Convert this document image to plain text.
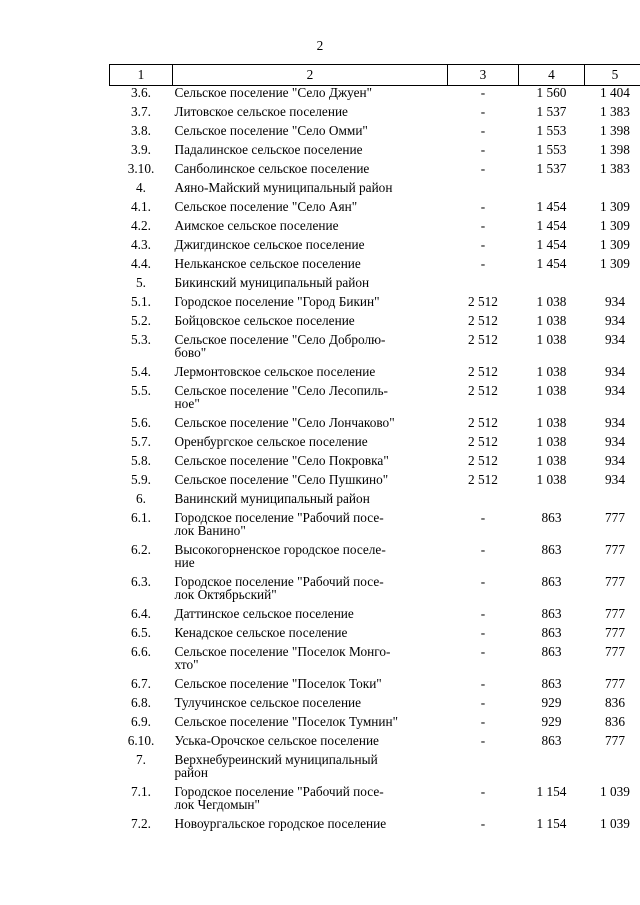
2
1	2	3	4	5
3.6.	Сельское поселение "Село Джуен"	-	1 560	1 404
3.7.	Литовское сельское поселение	-	1 537	1 383
3.8.	Сельское поселение "Село Омми"	-	1 553	1 398
3.9.	Падалинское сельское поселение	-	1 553	1 398
3.10.	Санболинское сельское поселение	-	1 537	1 383
4.	Аяно-Майский муниципальный район			
4.1.	Сельское поселение "Село Аян"	-	1 454	1 309
4.2.	Аимское сельское поселение	-	1 454	1 309
4.3.	Джигдинское сельское поселение	-	1 454	1 309
4.4.	Нельканское сельское поселение	-	1 454	1 309
5.	Бикинский муниципальный район			
5.1.	Городское поселение "Город Бикин"	2 512	1 038	934
5.2.	Бойцовское сельское поселение	2 512	1 038	934
5.3.	Сельское поселение "Село Добролю-
бово"	2 512	1 038	934
5.4.	Лермонтовское сельское поселение	2 512	1 038	934
5.5.	Сельское поселение "Село Лесопиль-
ное"	2 512	1 038	934
5.6.	Сельское поселение "Село Лончаково"	2 512	1 038	934
5.7.	Оренбургское сельское поселение	2 512	1 038	934
5.8.	Сельское поселение "Село Покровка"	2 512	1 038	934
5.9.	Сельское поселение "Село Пушкино"	2 512	1 038	934
6.	Ванинский муниципальный район			
6.1.	Городское поселение "Рабочий посе-
лок Ванино"	-	863	777
6.2.	Высокогорненское городское поселе-
ние	-	863	777
6.3.	Городское поселение "Рабочий посе-
лок Октябрьский"	-	863	777
6.4.	Даттинское сельское поселение	-	863	777
6.5.	Кенадское сельское поселение	-	863	777
6.6.	Сельское поселение "Поселок Монго-
хто"	-	863	777
6.7.	Сельское поселение "Поселок Токи"	-	863	777
6.8.	Тулучинское сельское поселение	-	929	836
6.9.	Сельское поселение "Поселок Тумнин"	-	929	836
6.10.	Уська-Орочское сельское поселение	-	863	777
7.	Верхнебуреинский муниципальный
район			
7.1.	Городское поселение "Рабочий посе-
лок Чегдомын"	-	1 154	1 039
7.2.	Новоургальское городское поселение	-	1 154	1 039
